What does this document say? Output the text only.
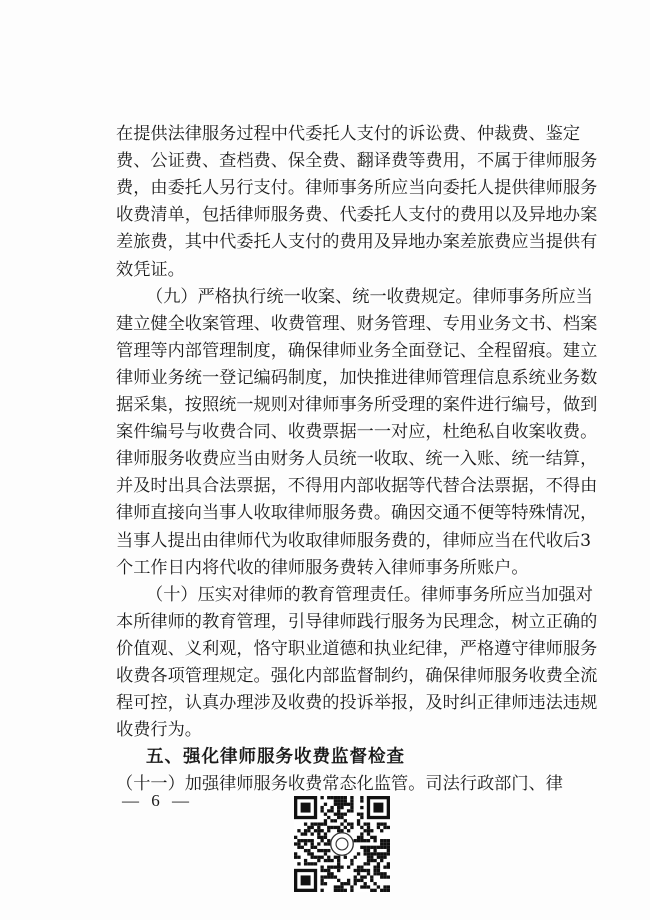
在提供法律服务过程中代委托人支付的诉讼费、仲裁费、鉴定
费、公证费、查档费、保全费、翻译费等费用，不属于律师服务
费，由委托人另行支付。律师事务所应当向委托人提供律师服务
收费清单，包括律师服务费、代委托人支付的费用以及异地办案
差旅费，其中代委托人支付的费用及异地办案差旅费应当提供有
效凭证。
（九）严格执行统一收案、统一收费规定。律师事务所应当
建立健全收案管理、收费管理、财务管理、专用业务文书、档案
管理等内部管理制度，确保律师业务全面登记、全程留痕。建立
律师业务统一登记编码制度，加快推进律师管理信息系统业务数
据采集，按照统一规则对律师事务所受理的案件进行编号，做到
案件编号与收费合同、收费票据一一对应，杜绝私自收案收费。
律师服务收费应当由财务人员统一收取、统一入账、统一结算，
并及时出具合法票据，不得用内部收据等代替合法票据，不得由
律师直接向当事人收取律师服务费。确因交通不便等特殊情况，
当事人提出由律师代为收取律师服务费的，律师应当在代收后3
个工作日内将代收的律师服务费转入律师事务所账户。
（十）压实对律师的教育管理责任。律师事务所应当加强对
本所律师的教育管理，引导律师践行服务为民理念，树立正确的
价值观、义利观，恪守职业道德和执业纪律，严格遵守律师服务
收费各项管理规定。强化内部监督制约，确保律师服务收费全流
程可控，认真办理涉及收费的投诉举报，及时纠正律师违法违规
收费行为。
五、强化律师服务收费监督检查
（十一）加强律师服务收费常态化监管。司法行政部门、律
— 6 —
